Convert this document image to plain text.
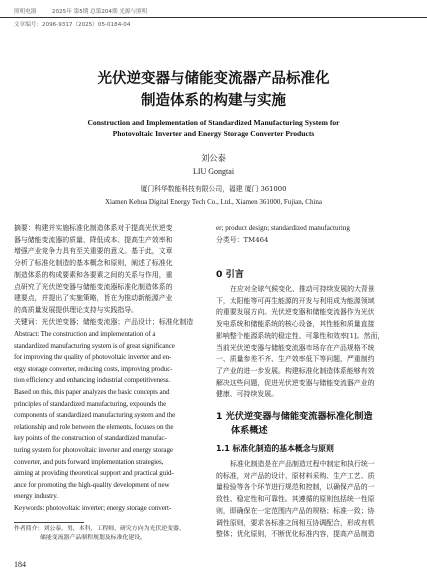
照明电器	2025年 第5期 总第204期 光源与照明
文章编号：2096-9317（2025）05-0184-04
光伏逆变器与储能变流器产品标准化
制造体系的构建与实施
Construction and Implementation of Standardized Manufacturing System for
Photovoltaic Inverter and Energy Storage Converter Products
刘公泰
LIU Gongtai
厦门科华数能科技有限公司，福建 厦门 361000
Xiamen Kehua Digital Energy Tech Co., Ltd., Xiamen 361000, Fujian, China

摘要：构建并实施标准化制造体系对于提高光伏逆变

器与储能变流器的质量、降低成本、提高生产效率和

增强产业竞争力具有至关重要的意义。基于此，文章

分析了标准化制造的基本概念和原则，阐述了标准化

制造体系的构成要素和各要素之间的关系与作用，重

点研究了光伏逆变器与储能变流器标准化制造体系的

建要点，并提出了实施策略，旨在为推动新能源产业

的高质量发展提供理论支持与实践指导。

关键词：光伏逆变器；储能变流器；产品设计；标准化制造

Abstract: The construction and implementation of a

standardized manufacturing system is of great significance

for improving the quality of photovoltaic inverter and en-

ergy storage converter, reducing costs, improving produc-

tion efficiency and enhancing industrial competitiveness.

Based on this, this paper analyzes the basic concepts and

principles of standardized manufacturing, expounds the

components of standardized manufacturing system and the

relationship and role between the elements, focuses on the

key points of the construction of standardized manufac-

turing system for photovoltaic inverter and energy storage

converter, and puts forward implementation strategies,

aiming at providing theoretical support and practical guid-

ance for promoting the high-quality development of new

energy industry.

Keywords: photovoltaic inverter; energy storage convert-

作者简介：刘公泰，男，本科，工程师，研究方向为光伏逆变器、

储能变流器产品制程规划及标准化建设。

184
er; product design; standardized manufacturing
分类号：TM464
0 引言

在应对全球气候变化、推动可持续发展的大背景

下，太阳能等可再生能源的开发与利用成为能源领域

的重要发展方向。光伏逆变器和储能变流器作为光伏

发电系统和储能系统的核心设备，其性能和质量直接

影响整个能源系统的稳定性、可靠性和效率[1]。然而，

当前光伏逆变器与储能变流器市场存在产品规格不统

一、质量参差不齐、生产效率低下等问题，严重制约

了产业的进一步发展。构建标准化制造体系能够有效

解决这些问题，促进光伏逆变器与储能变流器产业的

健康、可持续发展。

1 光伏逆变器与储能变流器标准化制造
体系概述
1.1 标准化制造的基本概念与原则

标准化制造是在产品制造过程中制定和执行统一

的标准，对产品的设计、原材料采购、生产工艺、质

量检验等各个环节进行规范和控制，以确保产品的一

致性、稳定性和可靠性。其遵循的原则包括统一性原

则，即确保在一定范围内产品的规格；标准一致；协

调性原则，要求各标准之间相互协调配合，形成有机

整体；优化原则，不断优化标准内容，提高产品制造
